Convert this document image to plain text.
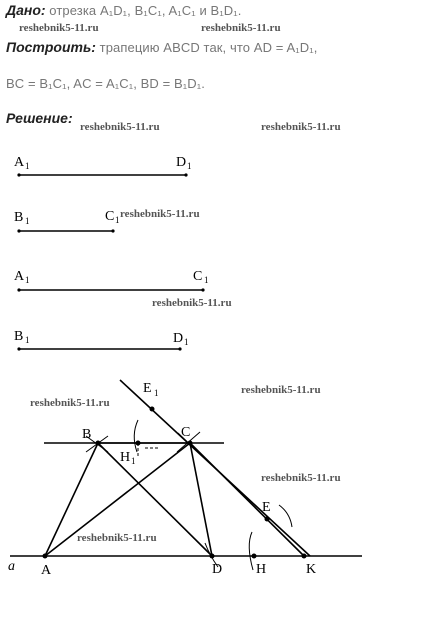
Дано: отрезка A₁D₁, B₁C₁, A₁C₁ и B₁D₁.
Построить: трапецию ABCD так, что AD = A₁D₁,
BC = B₁C₁, AC = A₁C₁, BD = B₁D₁.
Решение:
reshebnik5-11.ru	reshebnik5-11.ru
reshebnik5-11.ru	reshebnik5-11.ru
reshebnik5-11.ru
reshebnik5-11.ru
reshebnik5-11.ru
reshebnik5-11.ru
reshebnik5-11.ru
reshebnik5-11.ru
A 1	D 1
B 1	C 1
A 1	C 1
B 1	D 1
a A
B	C
D H	K
E
E 1
H 1
